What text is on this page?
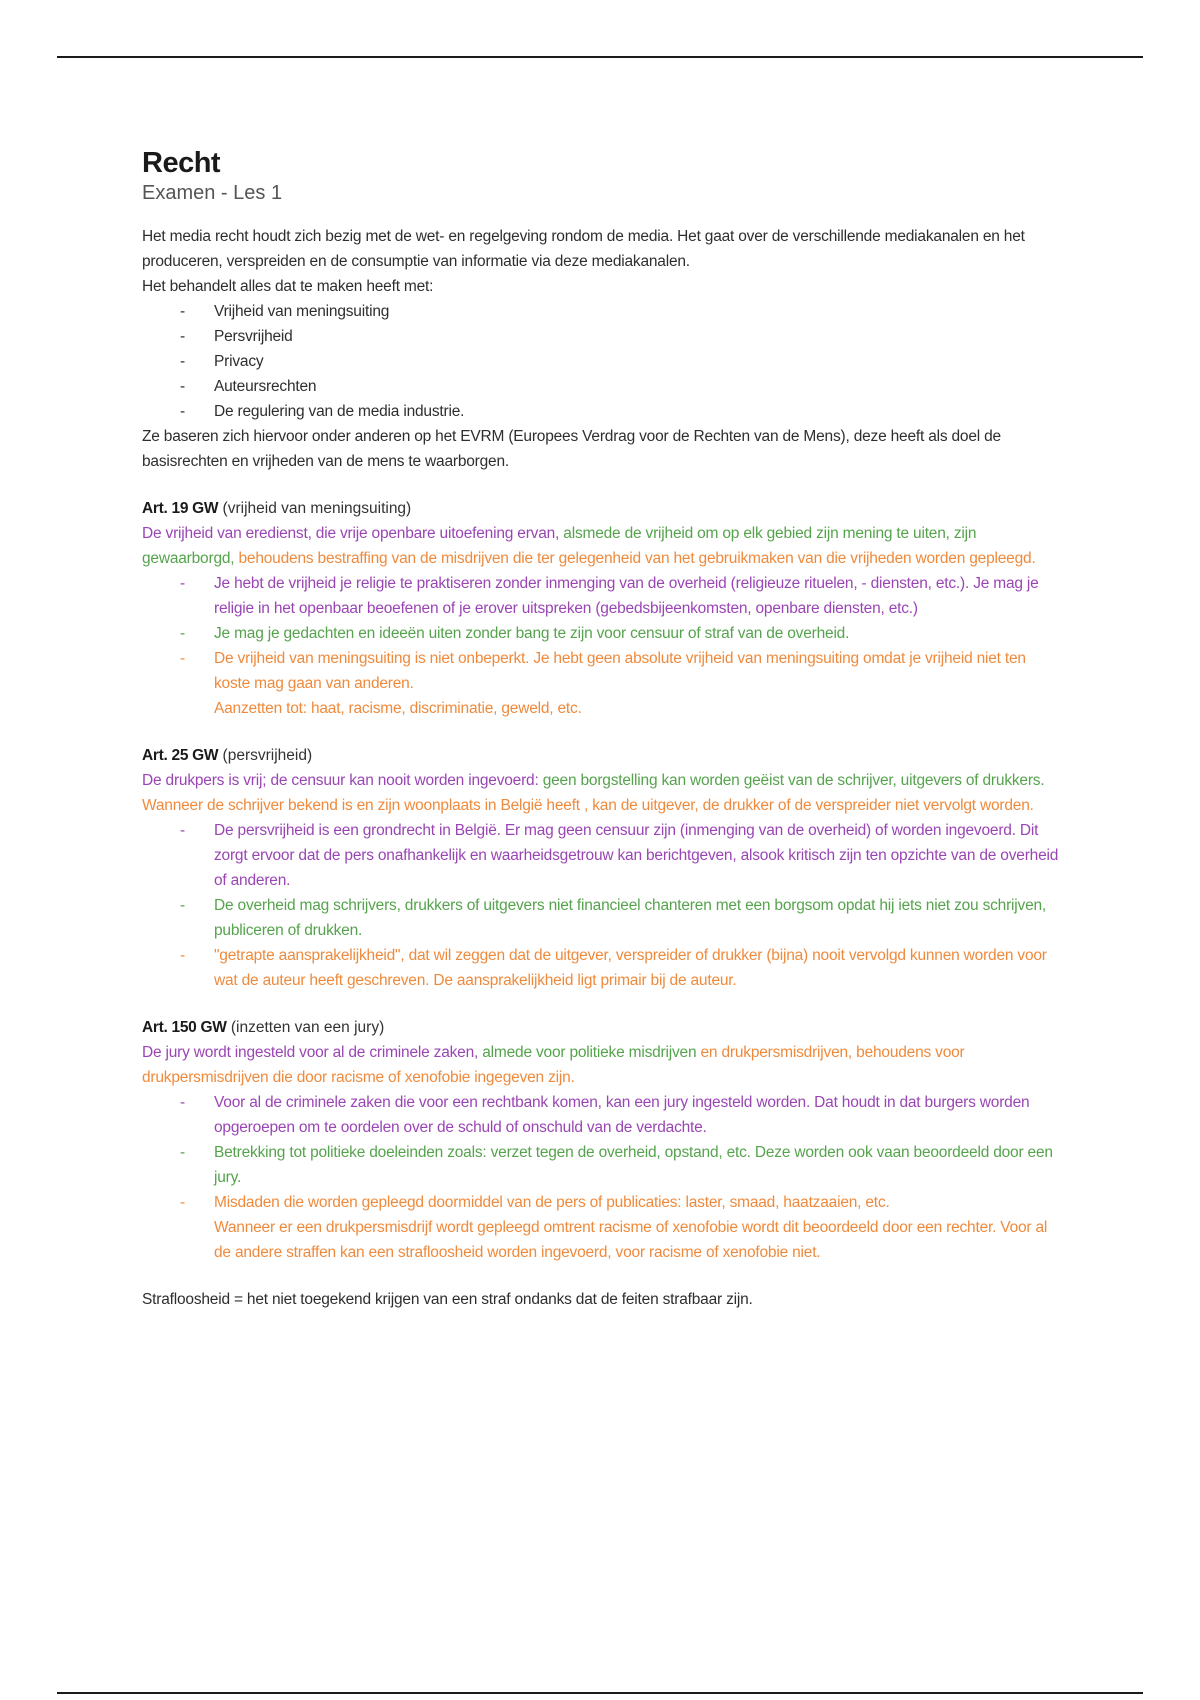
Recht
Examen - Les 1

Het media recht houdt zich bezig met de wet- en regelgeving rondom de media. Het gaat over de verschillende mediakanalen en het produceren, verspreiden en de consumptie van informatie via deze mediakanalen.

Het behandelt alles dat te maken heeft met:

- Vrijheid van meningsuiting
- Persvrijheid
- Privacy
- Auteursrechten
- De regulering van de media industrie.

Ze baseren zich hiervoor onder anderen op het EVRM (Europees Verdrag voor de Rechten van de Mens), deze heeft als doel de basisrechten en vrijheden van de mens te waarborgen.

Art. 19 GW (vrijheid van meningsuiting)

De vrijheid van eredienst, die vrije openbare uitoefening ervan, alsmede de vrijheid om op elk gebied zijn mening te uiten, zijn gewaarborgd, behoudens bestraffing van de misdrijven die ter gelegenheid van het gebruikmaken van die vrijheden worden gepleegd.

- Je hebt de vrijheid je religie te praktiseren zonder inmenging van de overheid (religieuze rituelen, - diensten, etc.). Je mag je religie in het openbaar beoefenen of je erover uitspreken (gebedsbijeenkomsten, openbare diensten, etc.)
- Je mag je gedachten en ideeën uiten zonder bang te zijn voor censuur of straf van de overheid.
- De vrijheid van meningsuiting is niet onbeperkt. Je hebt geen absolute vrijheid van meningsuiting omdat je vrijheid niet ten koste mag gaan van anderen.
Aanzetten tot: haat, racisme, discriminatie, geweld, etc.
Art. 25 GW (persvrijheid)

De drukpers is vrij; de censuur kan nooit worden ingevoerd: geen borgstelling kan worden geëist van de schrijver, uitgevers of drukkers.

Wanneer de schrijver bekend is en zijn woonplaats in België heeft , kan de uitgever, de drukker of de verspreider niet vervolgt worden.

- De persvrijheid is een grondrecht in België. Er mag geen censuur zijn (inmenging van de overheid) of worden ingevoerd. Dit zorgt ervoor dat de pers onafhankelijk en waarheidsgetrouw kan berichtgeven, alsook kritisch zijn ten opzichte van de overheid of anderen.
- De overheid mag schrijvers, drukkers of uitgevers niet financieel chanteren met een borgsom opdat hij iets niet zou schrijven, publiceren of drukken.
- "getrapte aansprakelijkheid", dat wil zeggen dat de uitgever, verspreider of drukker (bijna) nooit vervolgd kunnen worden voor wat de auteur heeft geschreven. De aansprakelijkheid ligt primair bij de auteur.
Art. 150 GW (inzetten van een jury)

De jury wordt ingesteld voor al de criminele zaken, almede voor politieke misdrijven en drukpersmisdrijven, behoudens voor drukpersmisdrijven die door racisme of xenofobie ingegeven zijn.

- Voor al de criminele zaken die voor een rechtbank komen, kan een jury ingesteld worden. Dat houdt in dat burgers worden opgeroepen om te oordelen over de schuld of onschuld van de verdachte.
- Betrekking tot politieke doeleinden zoals: verzet tegen de overheid, opstand, etc. Deze worden ook vaan beoordeeld door een jury.
- Misdaden die worden gepleegd doormiddel van de pers of publicaties: laster, smaad, haatzaaien, etc.
Wanneer er een drukpersmisdrijf wordt gepleegd omtrent racisme of xenofobie wordt dit beoordeeld door een rechter. Voor al de andere straffen kan een strafloosheid worden ingevoerd, voor racisme of xenofobie niet.

Strafloosheid = het niet toegekend krijgen van een straf ondanks dat de feiten strafbaar zijn.
